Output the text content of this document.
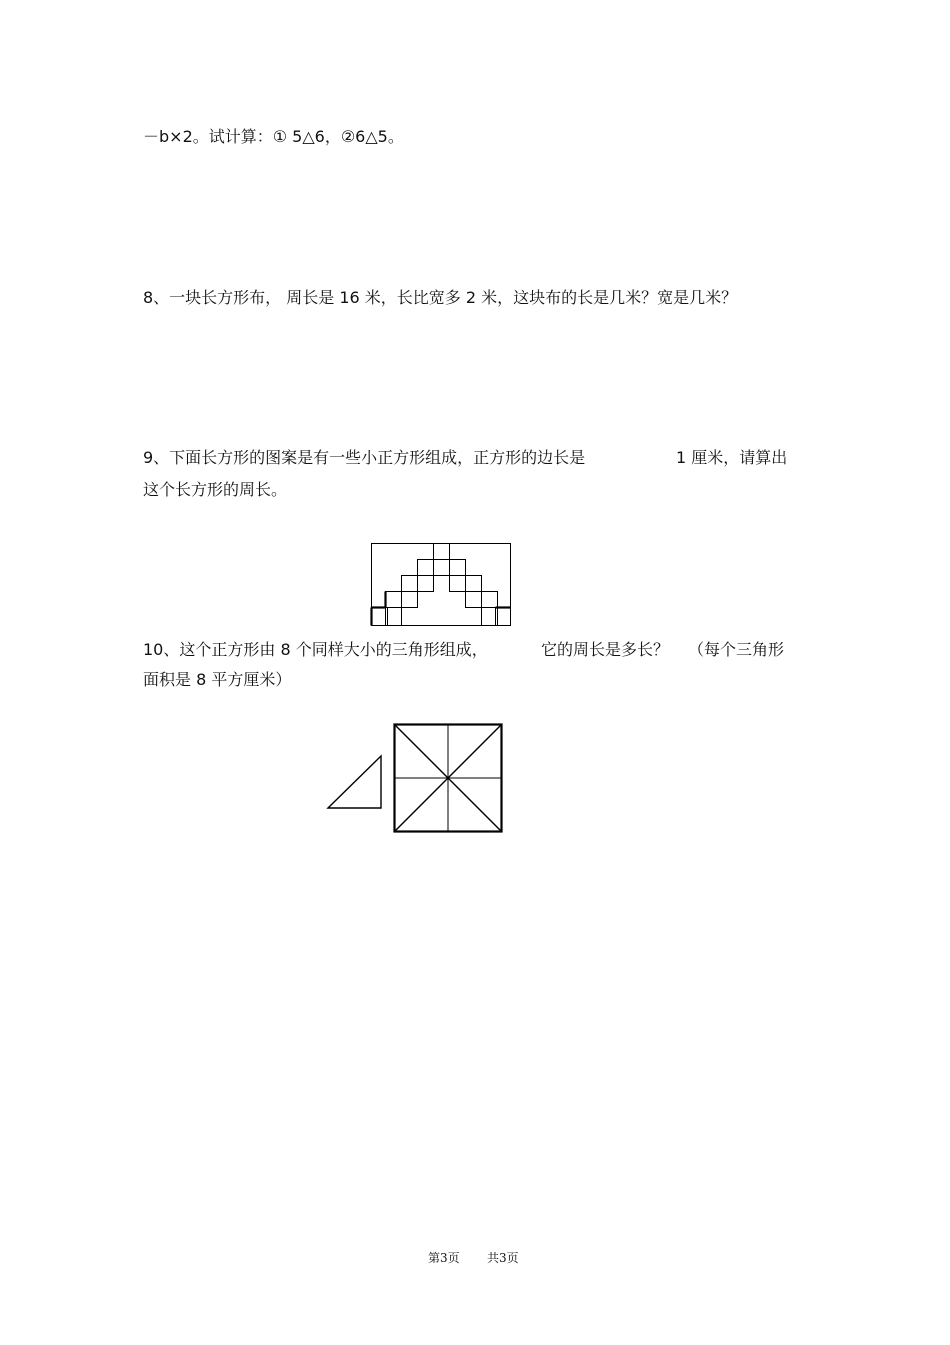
－b×2。试计算：① 5△6，②6△5。
8、一块长方形布， 周长是 16 米，长比宽多 2 米，这块布的长是几米？宽是几米？
9、下面长方形的图案是有一些小正方形组成，正方形的边长是	1 厘米，请算出
这个长方形的周长。
10、这个正方形由 8 个同样大小的三角形组成，	它的周长是多长？ （每个三角形
面积是 8 平方厘米）
第3页 共3页
